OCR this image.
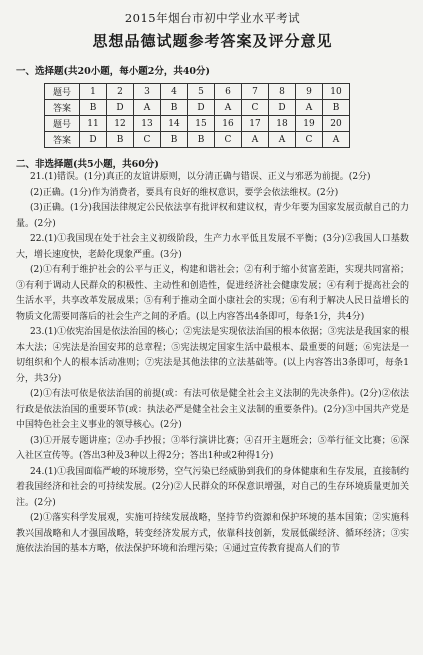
2015年烟台市初中学业水平考试
思想品德试题参考答案及评分意见
一、选择题(共20小题，每小题2分，共40分)
题号	1	2	3	4	5	6	7	8	9	10
答案	B	D	A	B	D	A	C	D	A	B
题号	11	12	13	14	15	16	17	18	19	20
答案	D	B	C	B	B	C	A	A	C	A
二、非选择题(共5小题，共60分)

21.(1)错误。(1分)真正的友谊讲原则，以分清正确与错误、正义与邪恶为前提。(2分)

(2)正确。(1分)作为消费者，要具有良好的维权意识，要学会依法维权。(2分)

(3)正确。(1分)我国法律规定公民依法享有批评权和建议权，青少年要为国家发展贡献自己的力量。(2分)

22.(1)①我国现在处于社会主义初级阶段，生产力水平低且发展不平衡；(3分)②我国人口基数大，增长速度快，老龄化现象严重。(3分)

(2)①有利于维护社会的公平与正义，构建和谐社会；②有利于缩小贫富差距，实现共同富裕；③有利于调动人民群众的积极性、主动性和创造性，促进经济社会健康发展；④有利于提高社会的生活水平，共享改革发展成果；⑤有利于推动全面小康社会的实现；⑥有利于解决人民日益增长的物质文化需要同落后的社会生产之间的矛盾。(以上内容答出4条即可，每条1分，共4分)

23.(1)①依宪治国是依法治国的核心；②宪法是实现依法治国的根本依据；③宪法是我国家的根本大法；④宪法是治国安邦的总章程；⑤宪法规定国家生活中最根本、最重要的问题；⑥宪法是一切组织和个人的根本活动准则；⑦宪法是其他法律的立法基础等。(以上内容答出3条即可，每条1分，共3分)

(2)①有法可依是依法治国的前提(或：有法可依是健全社会主义法制的先决条件)。(2分)②依法行政是依法治国的重要环节(或：执法必严是健全社会主义法制的重要条件)。(2分)③中国共产党是中国特色社会主义事业的领导核心。(2分)

(3)①开展专题讲座；②办手抄报；③举行演讲比赛；④召开主题班会；⑤举行征文比赛；⑥深入社区宣传等。(答出3种及3种以上得2分；答出1种或2种得1分)

24.(1)①我国面临严峻的环境形势，空气污染已经威胁到我们的身体健康和生存发展，直接制约着我国经济和社会的可持续发展。(2分)②人民群众的环保意识增强，对自己的生存环境质量更加关注。(2分)

(2)①落实科学发展观，实施可持续发展战略，坚持节约资源和保护环境的基本国策；②实施科教兴国战略和人才强国战略，转变经济发展方式，依靠科技创新，发展低碳经济、循环经济；③实施依法治国的基本方略，依法保护环境和治理污染；④通过宣传教育提高人们的节
